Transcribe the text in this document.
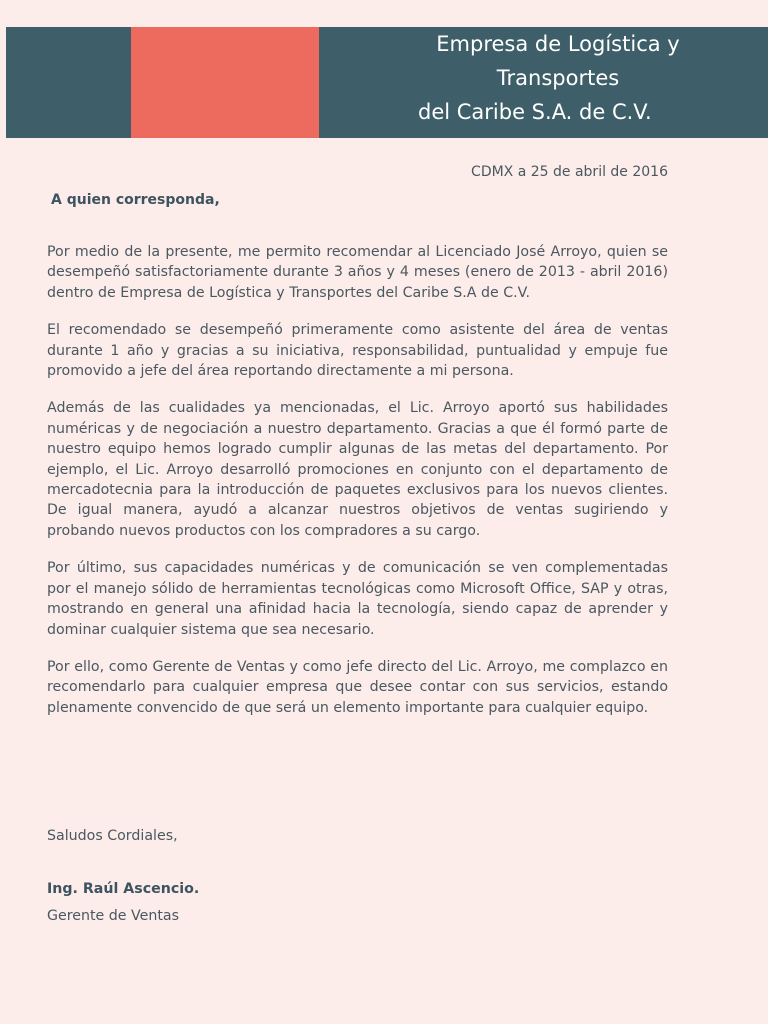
Empresa de Logística y
Transportes
del Caribe S.A. de C.V.

CDMX a 25 de abril de 2016

A quien corresponda,

Por medio de la presente, me permito recomendar al Licenciado José Arroyo, quien se desempeñó satisfactoriamente durante 3 años y 4 meses (enero de 2013 - abril 2016) dentro de Empresa de Logística y Transportes del Caribe S.A de C.V.

El recomendado se desempeñó primeramente como asistente del área de ventas durante 1 año y gracias a su iniciativa, responsabilidad, puntualidad y empuje fue promovido a jefe del área reportando directamente a mi persona.

Además de las cualidades ya mencionadas, el Lic. Arroyo aportó sus habilidades numéricas y de negociación a nuestro departamento. Gracias a que él formó parte de nuestro equipo hemos logrado cumplir algunas de las metas del departamento. Por ejemplo, el Lic. Arroyo desarrolló promociones en conjunto con el departamento de mercadotecnia para la introducción de paquetes exclusivos para los nuevos clientes. De igual manera, ayudó a alcanzar nuestros objetivos de ventas sugiriendo y probando nuevos productos con los compradores a su cargo.

Por último, sus capacidades numéricas y de comunicación se ven complementadas por el manejo sólido de herramientas tecnológicas como Microsoft Office, SAP y otras, mostrando en general una afinidad hacia la tecnología, siendo capaz de aprender y dominar cualquier sistema que sea necesario.

Por ello, como Gerente de Ventas y como jefe directo del Lic. Arroyo, me complazco en recomendarlo para cualquier empresa que desee contar con sus servicios, estando plenamente convencido de que será un elemento importante para cualquier equipo.

Saludos Cordiales,

Ing. Raúl Ascencio.

Gerente de Ventas
